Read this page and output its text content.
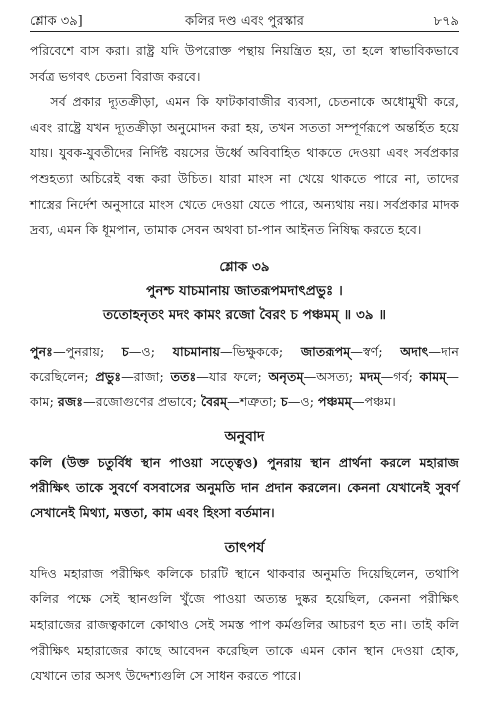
শ্লোক ৩৯]	কলির দণ্ড এবং পুরস্কার	৮৭৯

পরিবেশে বাস করা। রাষ্ট্র যদি উপরোক্ত পন্থায় নিয়ন্ত্রিত হয়, তা হলে স্বাভাবিকভাবে সর্বত্র ভগবৎ চেতনা বিরাজ করবে।

সর্ব প্রকার দ্যূতক্রীড়া, এমন কি ফাটকাবাজীর ব্যবসা, চেতনাকে অধোমুখী করে, এবং রাষ্ট্রে যখন দ্যূতক্রীড়া অনুমোদন করা হয়, তখন সততা সম্পূর্ণরূপে অন্তর্হিত হয়ে যায়। যুবক-যুবতীদের নির্দিষ্ট বয়সের উর্ধ্বে অবিবাহিত থাকতে দেওয়া এবং সর্বপ্রকার পশুহত্যা অচিরেই বন্ধ করা উচিত। যারা মাংস না খেয়ে থাকতে পারে না, তাদের শাস্ত্রের নির্দেশ অনুসারে মাংস খেতে দেওয়া যেতে পারে, অন্যথায় নয়। সর্বপ্রকার মাদক দ্রব্য, এমন কি ধূমপান, তামাক সেবন অথবা চা-পান আইনত নিষিদ্ধ করতে হবে।

শ্লোক ৩৯
পুনশ্চ যাচমানায় জাতরূপমদাৎপ্রভুঃ ।
ততোহনৃতং মদং কামং রজো বৈরং চ পঞ্চমম্ ॥ ৩৯ ॥

পুনঃ—পুনরায়; চ—ও; যাচমানায়—ভিক্ষুককে; জাতরূপম্—স্বর্ণ; অদাৎ—দান করেছিলেন; প্রভুঃ—রাজা; ততঃ—যার ফলে; অনৃতম্—অসত্য; মদম্—গর্ব; কামম্—কাম; রজঃ—রজোগুণের প্রভাবে; বৈরম্—শত্রুতা; চ—ও; পঞ্চমম্—পঞ্চম।

অনুবাদ

কলি (উক্ত চতুর্বিধ স্থান পাওয়া সত্ত্বেও) পুনরায় স্থান প্রার্থনা করলে মহারাজ পরীক্ষিৎ তাকে সুবর্ণে বসবাসের অনুমতি দান প্রদান করলেন। কেননা যেখানেই সুবর্ণ সেখানেই মিথ্যা, মত্ততা, কাম এবং হিংসা বর্তমান।

তাৎপর্য

যদিও মহারাজ পরীক্ষিৎ কলিকে চারটি স্থানে থাকবার অনুমতি দিয়েছিলেন, তথাপি কলির পক্ষে সেই স্থানগুলি খুঁজে পাওয়া অত্যন্ত দুষ্কর হয়েছিল, কেননা পরীক্ষিৎ মহারাজের রাজত্বকালে কোথাও সেই সমস্ত পাপ কর্মগুলির আচরণ হত না। তাই কলি পরীক্ষিৎ মহারাজের কাছে আবেদন করেছিল তাকে এমন কোন স্থান দেওয়া হোক, যেখানে তার অসৎ উদ্দেশ্যগুলি সে সাধন করতে পারে।
